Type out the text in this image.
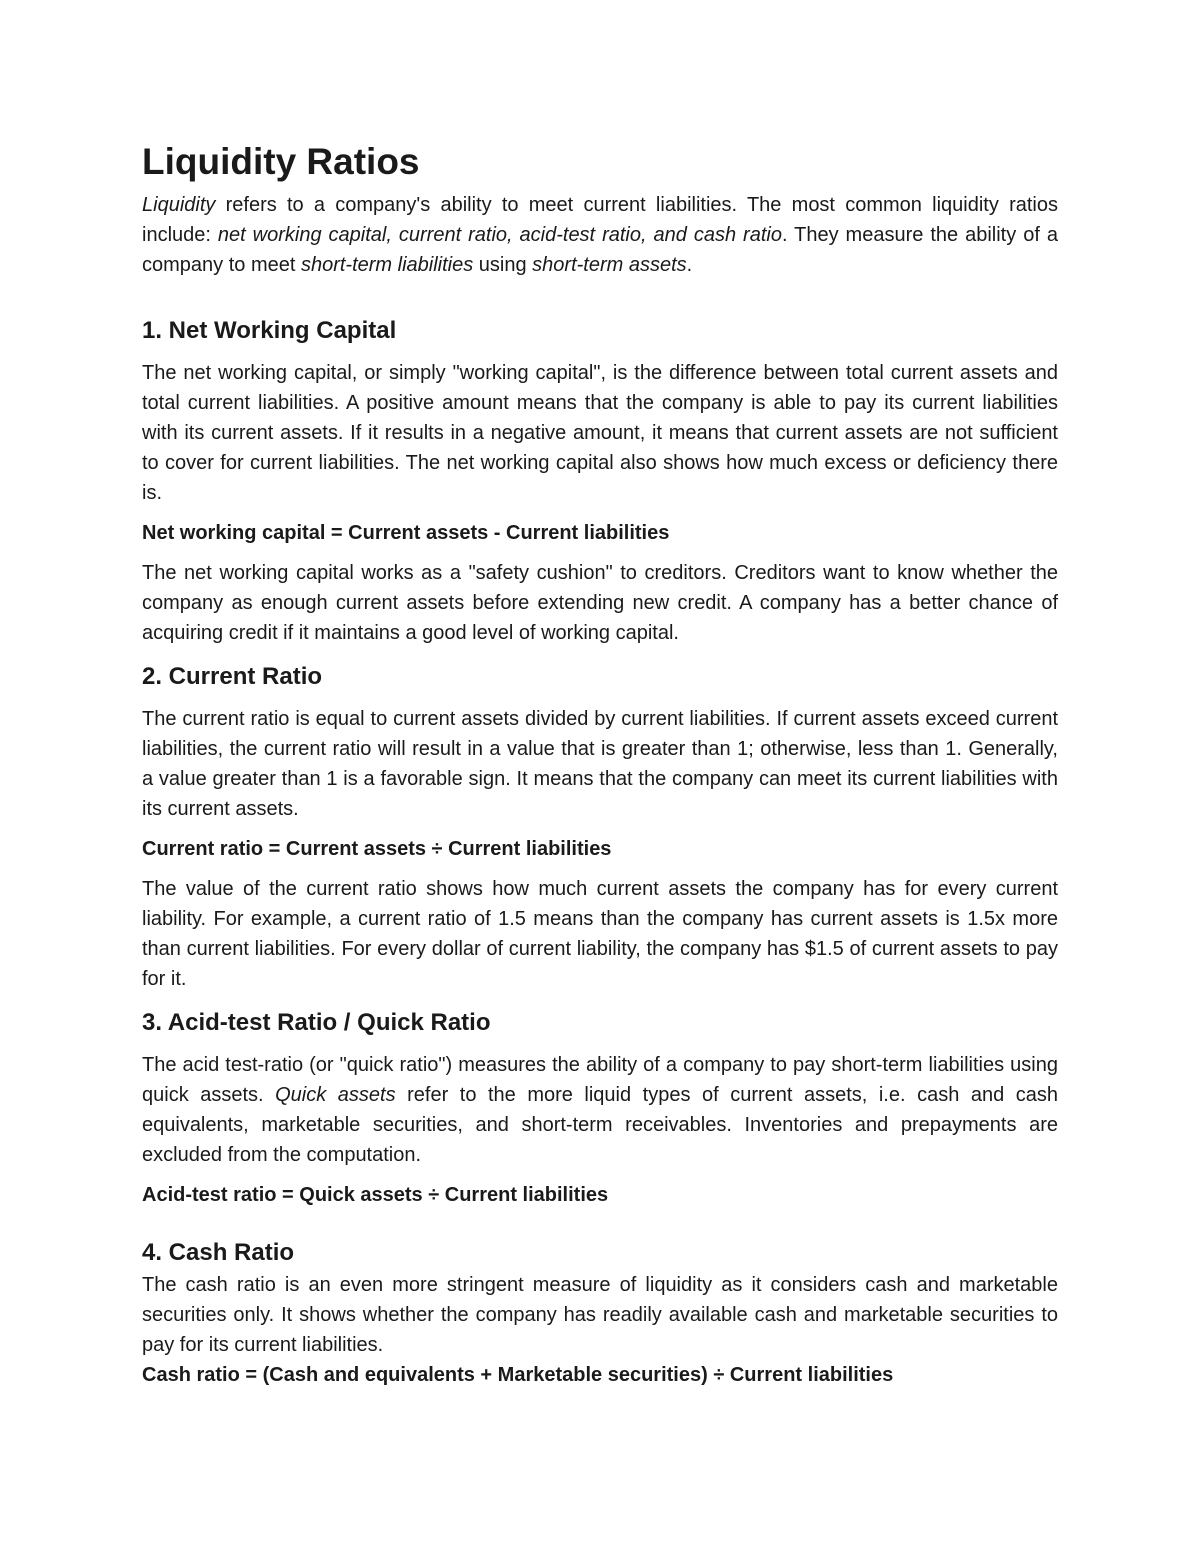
Liquidity Ratios

Liquidity refers to a company's ability to meet current liabilities. The most common liquidity ratios include: net working capital, current ratio, acid-test ratio, and cash ratio. They measure the ability of a company to meet short-term liabilities using short-term assets.

1. Net Working Capital

The net working capital, or simply "working capital", is the difference between total current assets and total current liabilities. A positive amount means that the company is able to pay its current liabilities with its current assets. If it results in a negative amount, it means that current assets are not sufficient to cover for current liabilities. The net working capital also shows how much excess or deficiency there is.

Net working capital = Current assets - Current liabilities

The net working capital works as a "safety cushion" to creditors. Creditors want to know whether the company as enough current assets before extending new credit. A company has a better chance of acquiring credit if it maintains a good level of working capital.

2. Current Ratio

The current ratio is equal to current assets divided by current liabilities. If current assets exceed current liabilities, the current ratio will result in a value that is greater than 1; otherwise, less than 1. Generally, a value greater than 1 is a favorable sign. It means that the company can meet its current liabilities with its current assets.

Current ratio = Current assets ÷ Current liabilities

The value of the current ratio shows how much current assets the company has for every current liability. For example, a current ratio of 1.5 means than the company has current assets is 1.5x more than current liabilities. For every dollar of current liability, the company has $1.5 of current assets to pay for it.

3. Acid-test Ratio / Quick Ratio

The acid test-ratio (or "quick ratio") measures the ability of a company to pay short-term liabilities using quick assets. Quick assets refer to the more liquid types of current assets, i.e. cash and cash equivalents, marketable securities, and short-term receivables. Inventories and prepayments are excluded from the computation.

Acid-test ratio = Quick assets ÷ Current liabilities

4. Cash Ratio

The cash ratio is an even more stringent measure of liquidity as it considers cash and marketable securities only. It shows whether the company has readily available cash and marketable securities to pay for its current liabilities.

Cash ratio = (Cash and equivalents + Marketable securities) ÷ Current liabilities
